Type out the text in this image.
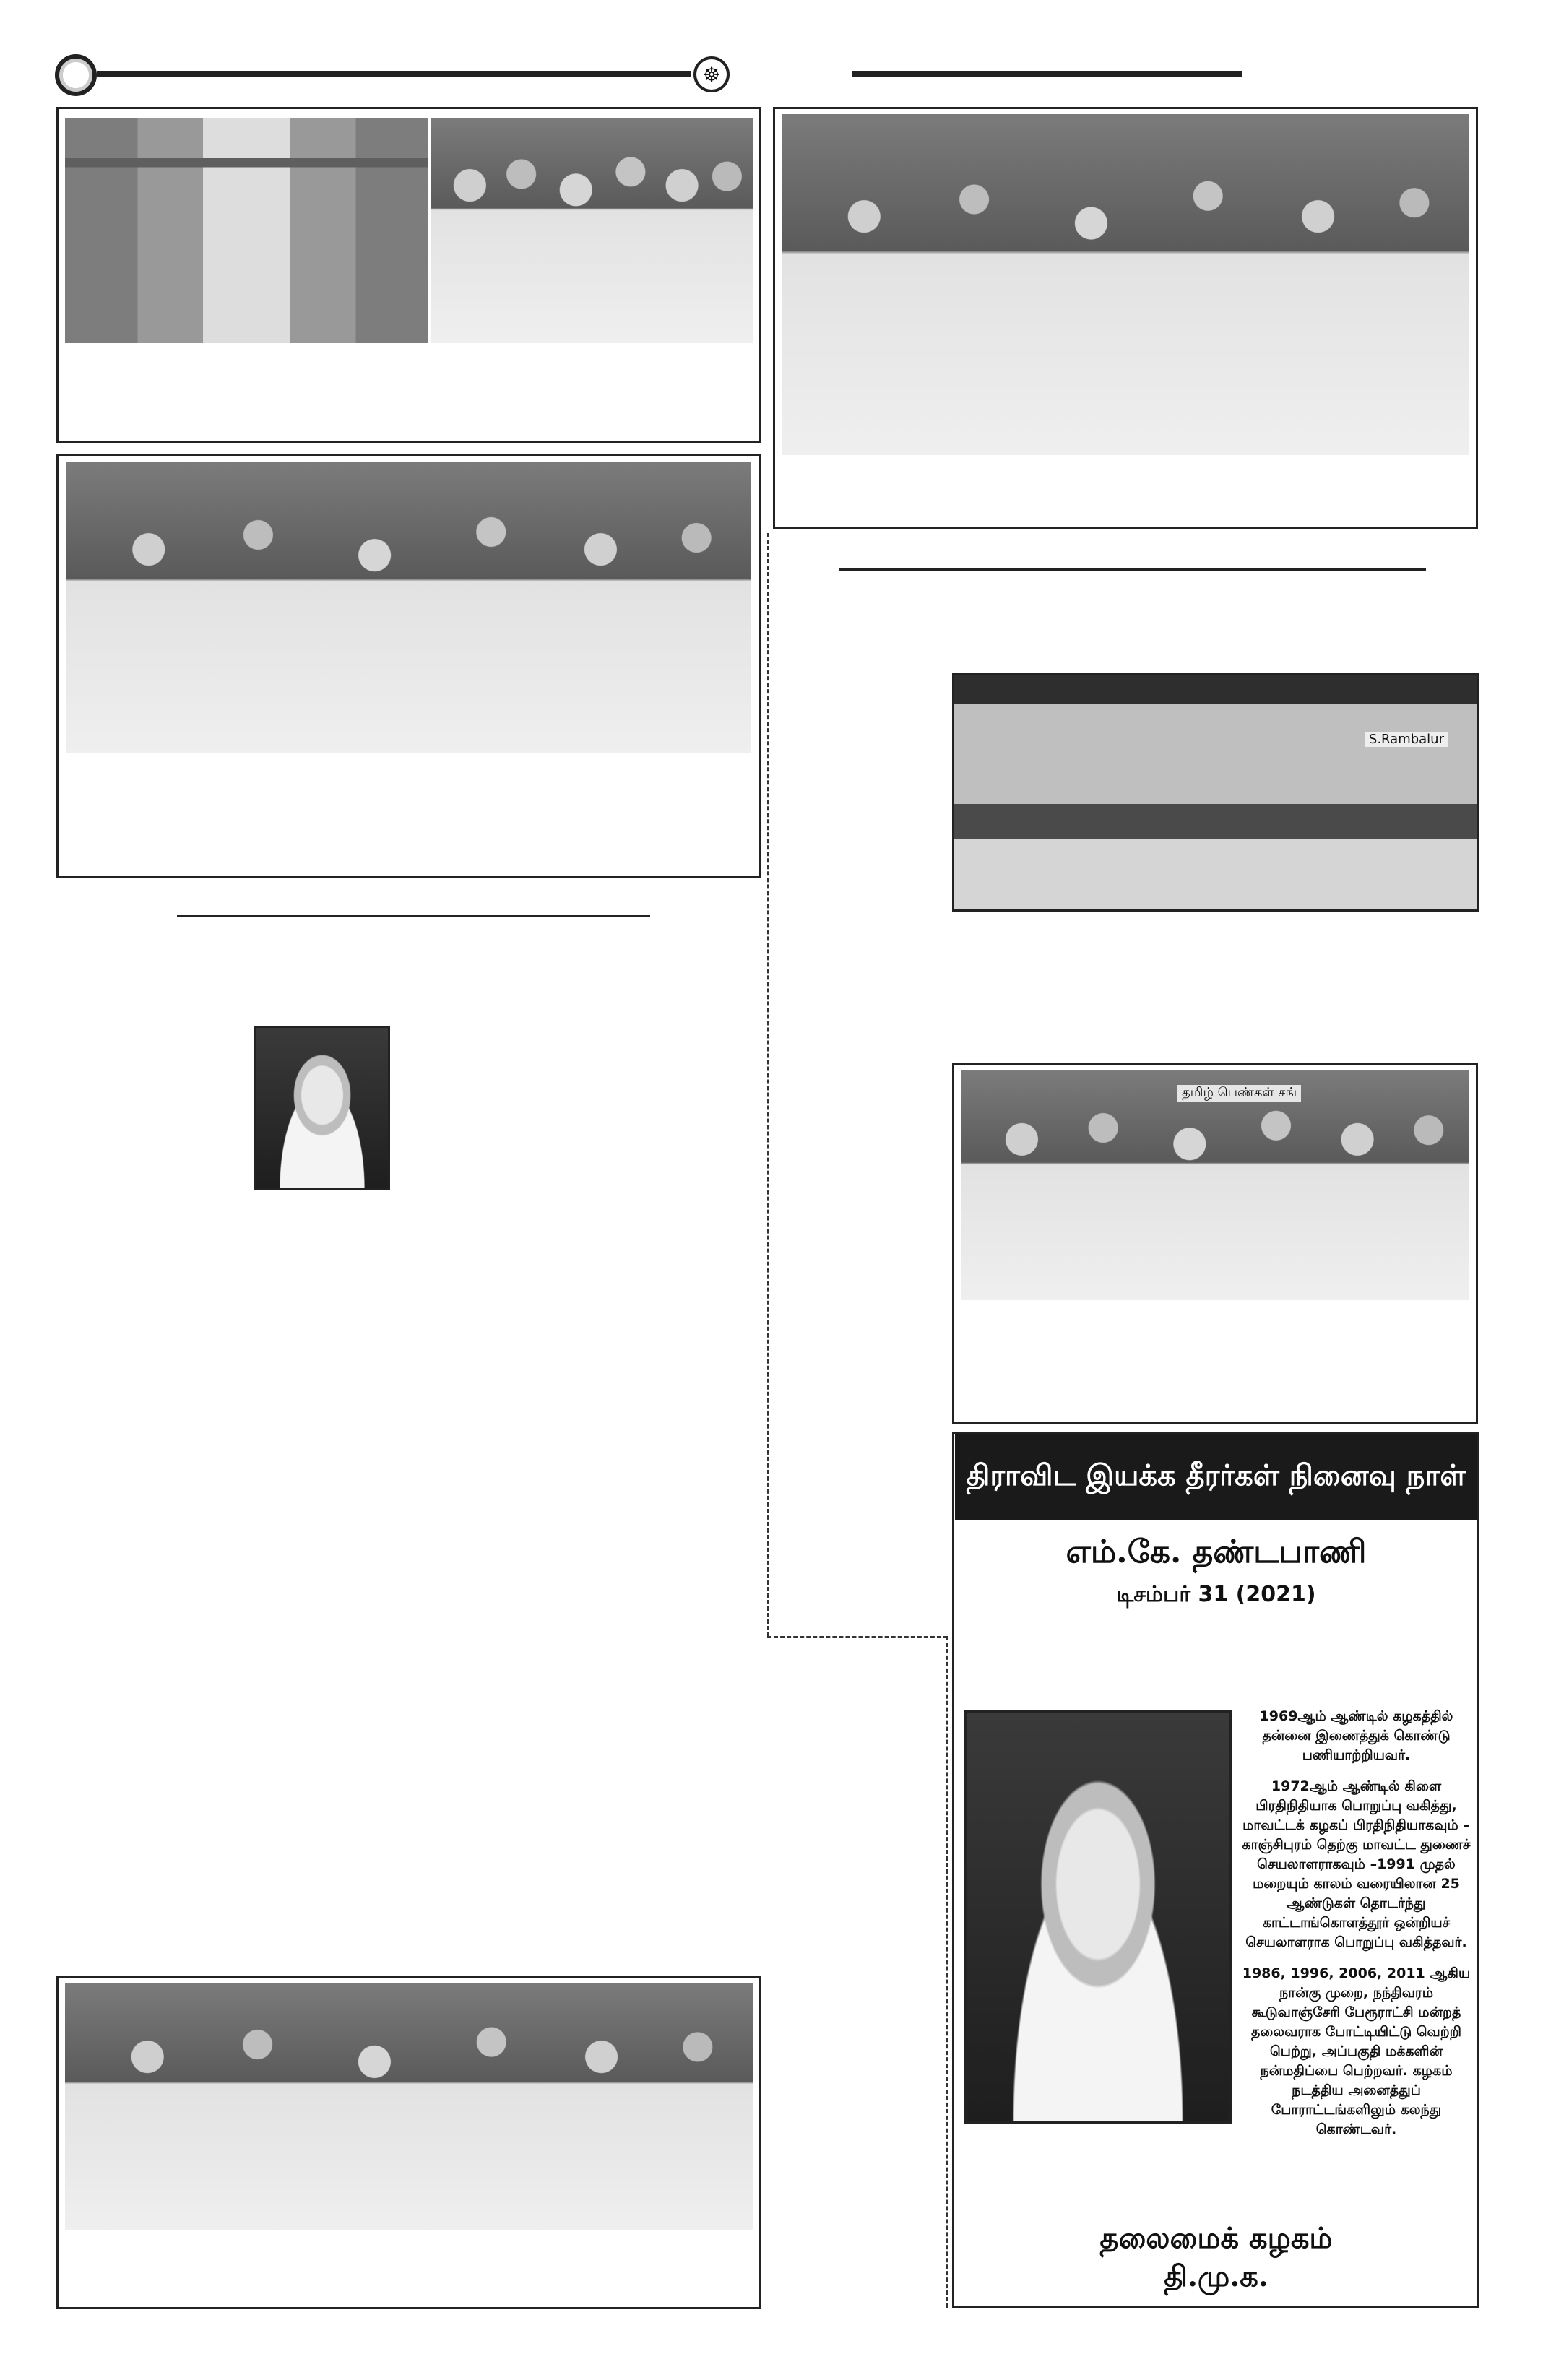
☸
S.Rambalur
தமிழ் பெண்கள் சங்
திராவிட இயக்க தீரர்கள் நினைவு நாள்
எம்.கே. தண்டபாணி
டிசம்பர் 31 (2021)

1969ஆம் ஆண்டில் கழகத்தில் தன்னை இணைத்துக் கொண்டு பணியாற்றியவர்.

1972ஆம் ஆண்டில் கிளை பிரதிநிதியாக பொறுப்பு வகித்து, மாவட்டக் கழகப் பிரதிநிதியாகவும் – காஞ்சிபுரம் தெற்கு மாவட்ட துணைச் செயலாளராகவும் –1991 முதல் மறையும் காலம் வரையிலான 25 ஆண்டுகள் தொடர்ந்து காட்டாங்கொளத்தூர் ஒன்றியச் செயலாளராக பொறுப்பு வகித்தவர்.

1986, 1996, 2006, 2011 ஆகிய நான்கு முறை, நந்திவரம் கூடுவாஞ்சேரி பேரூராட்சி மன்றத் தலைவராக போட்டியிட்டு வெற்றி பெற்று, அப்பகுதி மக்களின் நன்மதிப்பை பெற்றவர். கழகம் நடத்திய அனைத்துப் போராட்டங்களிலும் கலந்து கொண்டவர்.

தலைமைக் கழகம்
தி.மு.க.
